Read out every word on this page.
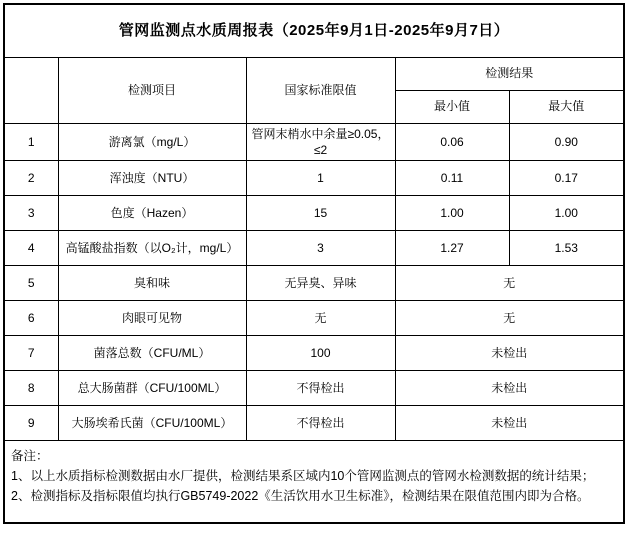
管网监测点水质周报表（2025年9月1日-2025年9月7日）				
	检测项目	国家标准限值	检测结果	
			最小值	最大值
1	游离氯（mg/L）	管网末梢水中余量≥0.05，≤2	0.06	0.90
2	浑浊度（NTU）	1	0.11	0.17
3	色度（Hazen）	15	1.00	1.00
4	高锰酸盐指数（以O₂计，mg/L）	3	1.27	1.53
5	臭和味	无异臭、异味	无	
6	肉眼可见物	无	无	
7	菌落总数（CFU/ML）	100	未检出	
8	总大肠菌群（CFU/100ML）	不得检出	未检出	
9	大肠埃希氏菌（CFU/100ML）	不得检出	未检出	

备注：
1、以上水质指标检测数据由水厂提供，检测结果系区域内10个管网监测点的管网水检测数据的统计结果；
2、检测指标及指标限值均执行GB5749-2022《生活饮用水卫生标准》，检测结果在限值范围内即为合格。				
